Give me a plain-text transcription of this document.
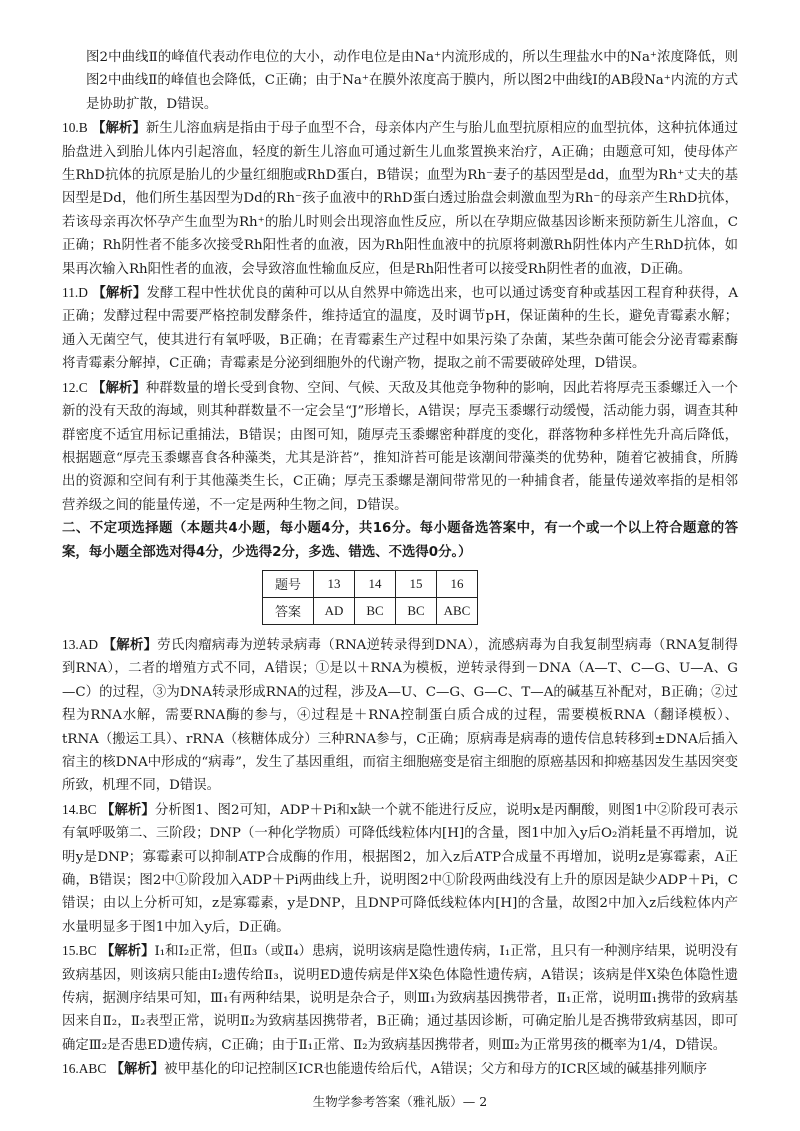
图2中曲线Ⅱ的峰值代表动作电位的大小，动作电位是由Na⁺内流形成的，所以生理盐水中的Na⁺浓度降低，则图2中曲线Ⅱ的峰值也会降低，C正确；由于Na⁺在膜外浓度高于膜内，所以图2中曲线Ⅰ的AB段Na⁺内流的方式是协助扩散，D错误。

10.B 【解析】新生儿溶血病是指由于母子血型不合，母亲体内产生与胎儿血型抗原相应的血型抗体，这种抗体通过胎盘进入到胎儿体内引起溶血，轻度的新生儿溶血可通过新生儿血浆置换来治疗，A正确；由题意可知，使母体产生RhD抗体的抗原是胎儿的少量红细胞或RhD蛋白，B错误；血型为Rh⁻妻子的基因型是dd，血型为Rh⁺丈夫的基因型是Dd，他们所生基因型为Dd的Rh⁻孩子血液中的RhD蛋白透过胎盘会刺激血型为Rh⁻的母亲产生RhD抗体，若该母亲再次怀孕产生血型为Rh⁺的胎儿时则会出现溶血性反应，所以在孕期应做基因诊断来预防新生儿溶血，C正确；Rh阴性者不能多次接受Rh阳性者的血液，因为Rh阳性血液中的抗原将刺激Rh阴性体内产生RhD抗体，如果再次输入Rh阳性者的血液，会导致溶血性输血反应，但是Rh阳性者可以接受Rh阴性者的血液，D正确。

11.D 【解析】发酵工程中性状优良的菌种可以从自然界中筛选出来，也可以通过诱变育种或基因工程育种获得，A正确；发酵过程中需要严格控制发酵条件，维持适宜的温度，及时调节pH，保证菌种的生长，避免青霉素水解；通入无菌空气，使其进行有氧呼吸，B正确；在青霉素生产过程中如果污染了杂菌，某些杂菌可能会分泌青霉素酶将青霉素分解掉，C正确；青霉素是分泌到细胞外的代谢产物，提取之前不需要破碎处理，D错误。

12.C 【解析】种群数量的增长受到食物、空间、气候、天敌及其他竞争物种的影响，因此若将厚壳玉黍螺迁入一个新的没有天敌的海域，则其种群数量不一定会呈“J”形增长，A错误；厚壳玉黍螺行动缓慢，活动能力弱，调查其种群密度不适宜用标记重捕法，B错误；由图可知，随厚壳玉黍螺密种群度的变化，群落物种多样性先升高后降低，根据题意“厚壳玉黍螺喜食各种藻类，尤其是浒苔”，推知浒苔可能是该潮间带藻类的优势种，随着它被捕食，所腾出的资源和空间有利于其他藻类生长，C正确；厚壳玉黍螺是潮间带常见的一种捕食者，能量传递效率指的是相邻营养级之间的能量传递，不一定是两种生物之间，D错误。

二、不定项选择题（本题共4小题，每小题4分，共16分。每小题备选答案中，有一个或一个以上符合题意的答案，每小题全部选对得4分，少选得2分，多选、错选、不选得0分。）

题号	13	14	15	16
答案	AD	BC	BC	ABC

13.AD 【解析】劳氏肉瘤病毒为逆转录病毒（RNA逆转录得到DNA），流感病毒为自我复制型病毒（RNA复制得到RNA），二者的增殖方式不同，A错误；①是以＋RNA为模板，逆转录得到－DNA（A—T、C—G、U—A、G—C）的过程，③为DNA转录形成RNA的过程，涉及A—U、C—G、G—C、T—A的碱基互补配对，B正确；②过程为RNA水解，需要RNA酶的参与，④过程是＋RNA控制蛋白质合成的过程，需要模板RNA（翻译模板）、tRNA（搬运工具）、rRNA（核糖体成分）三种RNA参与，C正确；原病毒是病毒的遗传信息转移到±DNA后插入宿主的核DNA中形成的“病毒”，发生了基因重组，而宿主细胞癌变是宿主细胞的原癌基因和抑癌基因发生基因突变所致，机理不同，D错误。

14.BC 【解析】分析图1、图2可知，ADP＋Pi和x缺一个就不能进行反应，说明x是丙酮酸，则图1中②阶段可表示有氧呼吸第二、三阶段；DNP（一种化学物质）可降低线粒体内[H]的含量，图1中加入y后O₂消耗量不再增加，说明y是DNP；寡霉素可以抑制ATP合成酶的作用，根据图2，加入z后ATP合成量不再增加，说明z是寡霉素，A正确，B错误；图2中①阶段加入ADP＋Pi两曲线上升，说明图2中①阶段两曲线没有上升的原因是缺少ADP＋Pi，C错误；由以上分析可知，z是寡霉素，y是DNP，且DNP可降低线粒体内[H]的含量，故图2中加入z后线粒体内产水量明显多于图1中加入y后，D正确。

15.BC 【解析】Ⅰ₁和Ⅰ₂正常，但Ⅱ₃（或Ⅱ₄）患病，说明该病是隐性遗传病，Ⅰ₁正常，且只有一种测序结果，说明没有致病基因，则该病只能由Ⅰ₂遗传给Ⅱ₃，说明ED遗传病是伴X染色体隐性遗传病，A错误；该病是伴X染色体隐性遗传病，据测序结果可知，Ⅲ₁有两种结果，说明是杂合子，则Ⅲ₁为致病基因携带者，Ⅱ₁正常，说明Ⅲ₁携带的致病基因来自Ⅱ₂，Ⅱ₂表型正常，说明Ⅱ₂为致病基因携带者，B正确；通过基因诊断，可确定胎儿是否携带致病基因，即可确定Ⅲ₂是否患ED遗传病，C正确；由于Ⅱ₁正常、Ⅱ₂为致病基因携带者，则Ⅲ₂为正常男孩的概率为1/4，D错误。

16.ABC 【解析】被甲基化的印记控制区ICR也能遗传给后代，A错误；父方和母方的ICR区域的碱基排列顺序

生物学参考答案（雅礼版）— 2
